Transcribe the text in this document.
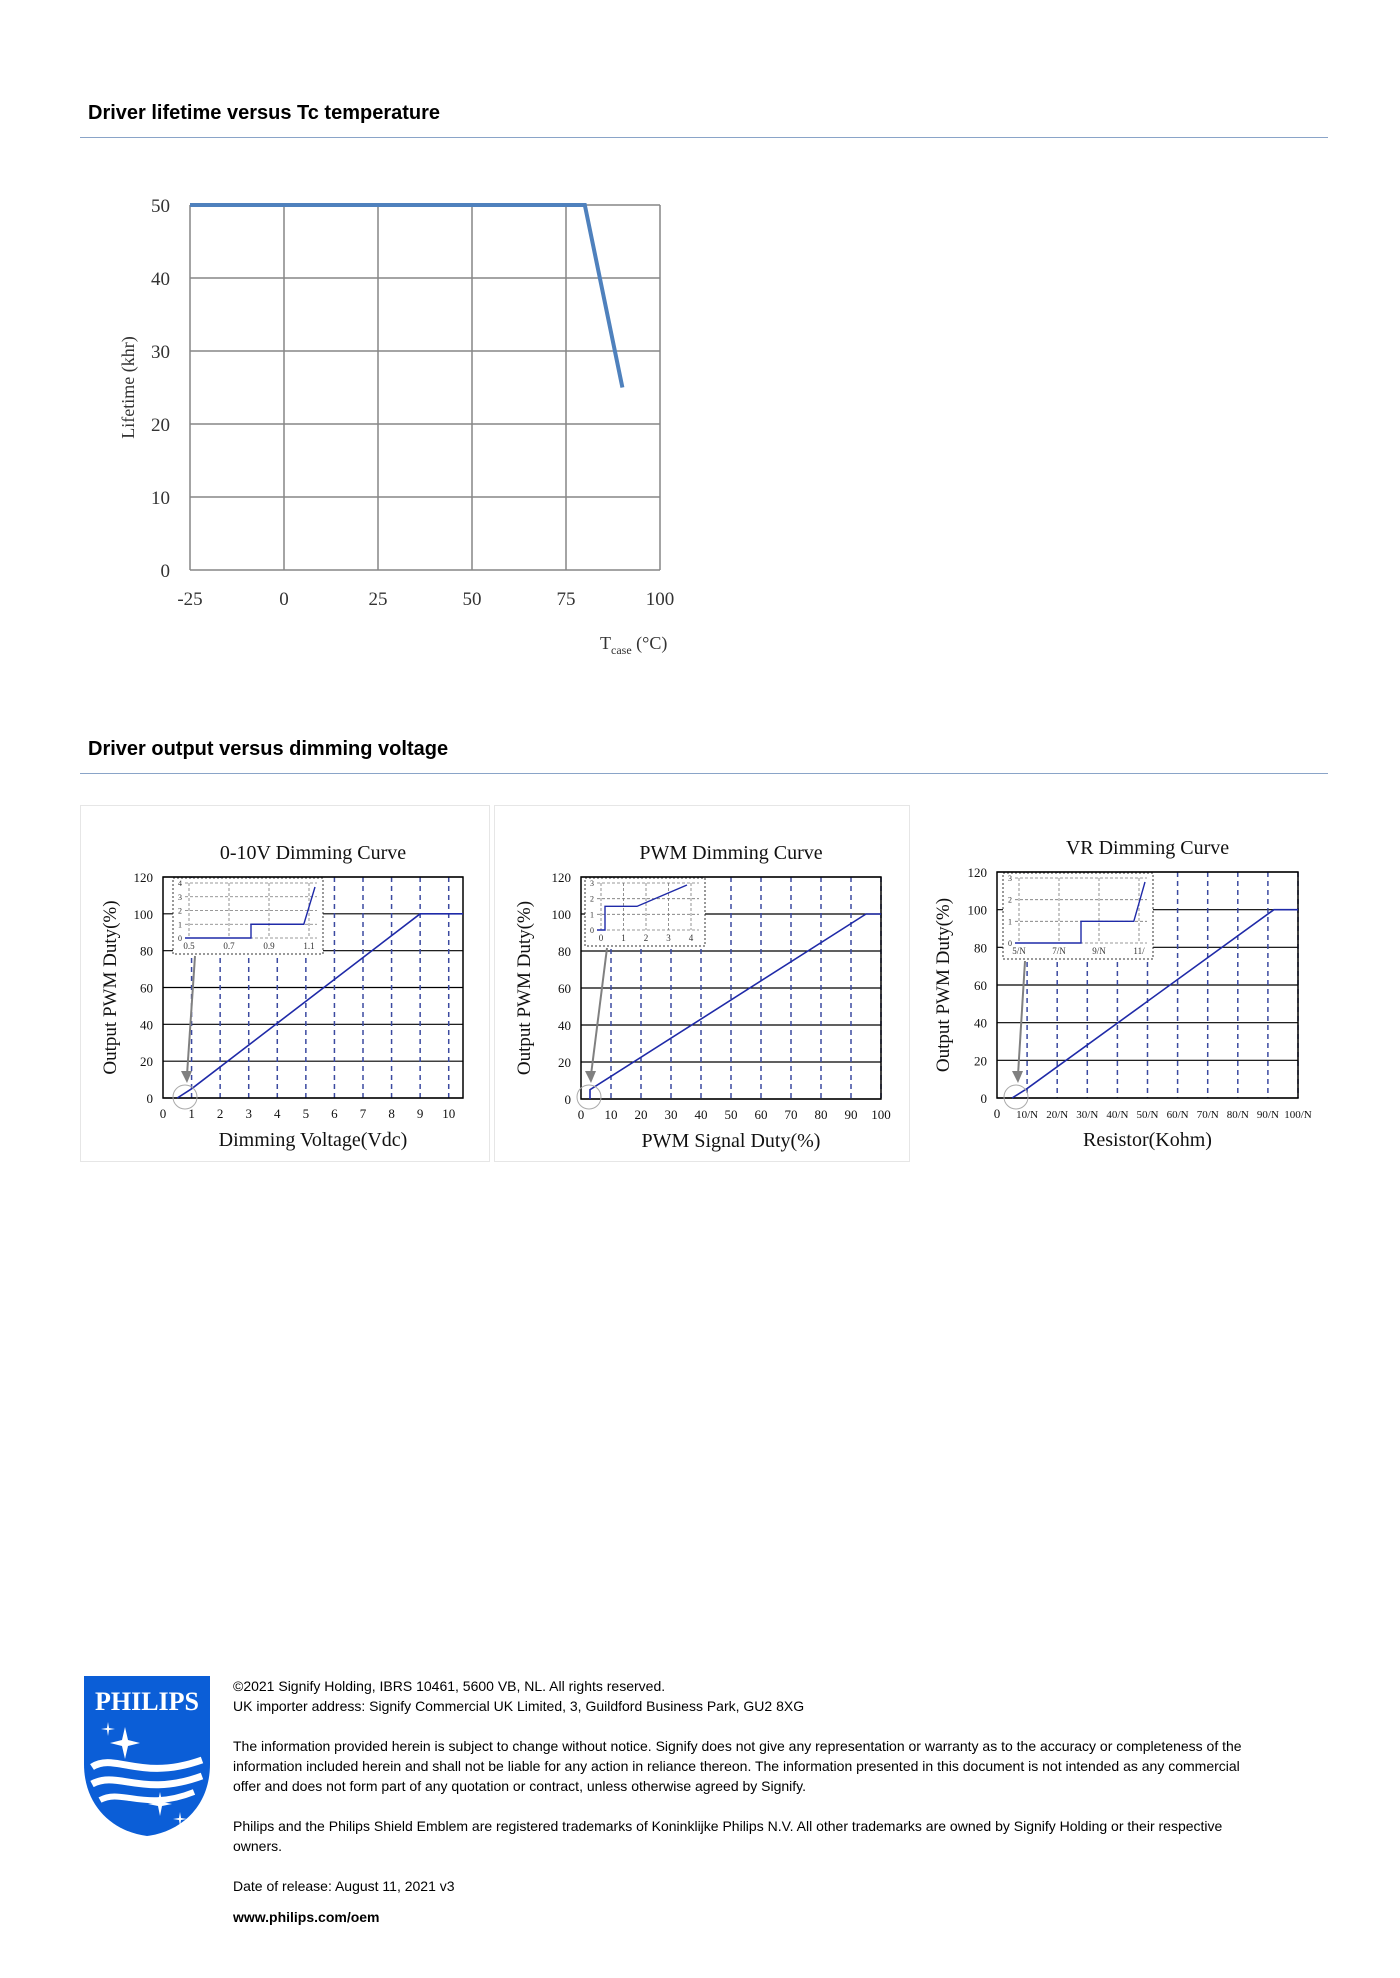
Driver lifetime versus Tc temperature
0
10
20
30
40
50
-25	0	25	50	75	100
Lifetime (khr)
$T_{case}$ (°C)
Driver output versus dimming voltage
0-10V Dimming Curve
0
20
40
60
80
100
120
0 1 2 3 4 5 6 7 8 9 10
Dimming Voltage(Vdc)
Output PWM Duty(%)	0
1
2
3
4
0.5	0.7	0.9	1.1
PWM Dimming Curve
0
20
40
60
80
100
120
0 10 20 30 40 50 60 70 80 90 100
PWM Signal Duty(%)
Output PWM Duty(%)	0
1
2
3
0 1 2 3 4
VR Dimming Curve
0
20
40
60
80
100
120
0 10/N 20/N 30/N 40/N 50/N 60/N 70/N 80/N 90/N 100/N
Resistor(Kohm)
Output PWM Duty(%)	0
1
2
3
5/N	7/N	9/N	11/
PHILIPS

©2021 Signify Holding, IBRS 10461, 5600 VB, NL. All rights reserved.

UK importer address: Signify Commercial UK Limited, 3, Guildford Business Park, GU2 8XG

The information provided herein is subject to change without notice. Signify does not give any representation or warranty as to the accuracy or completeness of the information included herein and shall not be liable for any action in reliance thereon. The information presented in this document is not intended as any commercial offer and does not form part of any quotation or contract, unless otherwise agreed by Signify.

Philips and the Philips Shield Emblem are registered trademarks of Koninklijke Philips N.V. All other trademarks are owned by Signify Holding or their respective owners.

Date of release: August 11, 2021 v3

www.philips.com/oem
